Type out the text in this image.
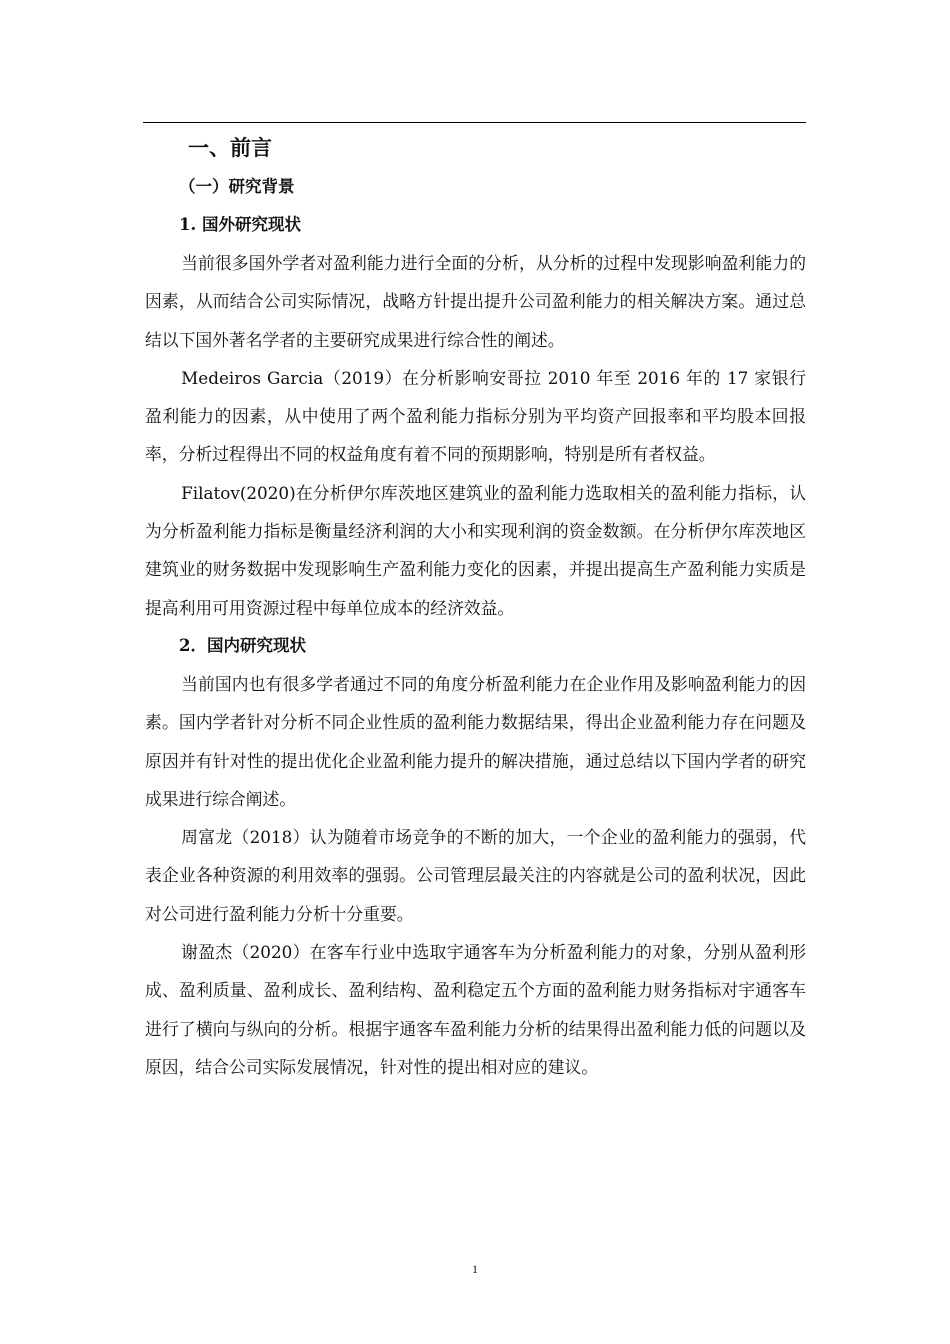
一、前言
（一）研究背景
1. 国外研究现状

当前很多国外学者对盈利能力进行全面的分析，从分析的过程中发现影响盈利能力的因素，从而结合公司实际情况，战略方针提出提升公司盈利能力的相关解决方案。通过总结以下国外著名学者的主要研究成果进行综合性的阐述。

Medeiros Garcia（2019）在分析影响安哥拉 2010 年至 2016 年的 17 家银行盈利能力的因素，从中使用了两个盈利能力指标分别为平均资产回报率和平均股本回报率，分析过程得出不同的权益角度有着不同的预期影响，特别是所有者权益。

Filatov(2020)在分析伊尔库茨地区建筑业的盈利能力选取相关的盈利能力指标，认为分析盈利能力指标是衡量经济利润的大小和实现利润的资金数额。在分析伊尔库茨地区建筑业的财务数据中发现影响生产盈利能力变化的因素，并提出提高生产盈利能力实质是提高利用可用资源过程中每单位成本的经济效益。

2．国内研究现状

当前国内也有很多学者通过不同的角度分析盈利能力在企业作用及影响盈利能力的因素。国内学者针对分析不同企业性质的盈利能力数据结果，得出企业盈利能力存在问题及原因并有针对性的提出优化企业盈利能力提升的解决措施，通过总结以下国内学者的研究成果进行综合阐述。

周富龙（2018）认为随着市场竞争的不断的加大，一个企业的盈利能力的强弱，代表企业各种资源的利用效率的强弱。公司管理层最关注的内容就是公司的盈利状况，因此对公司进行盈利能力分析十分重要。

谢盈杰（2020）在客车行业中选取宇通客车为分析盈利能力的对象，分别从盈利形成、盈利质量、盈利成长、盈利结构、盈利稳定五个方面的盈利能力财务指标对宇通客车进行了横向与纵向的分析。根据宇通客车盈利能力分析的结果得出盈利能力低的问题以及原因，结合公司实际发展情况，针对性的提出相对应的建议。

1
